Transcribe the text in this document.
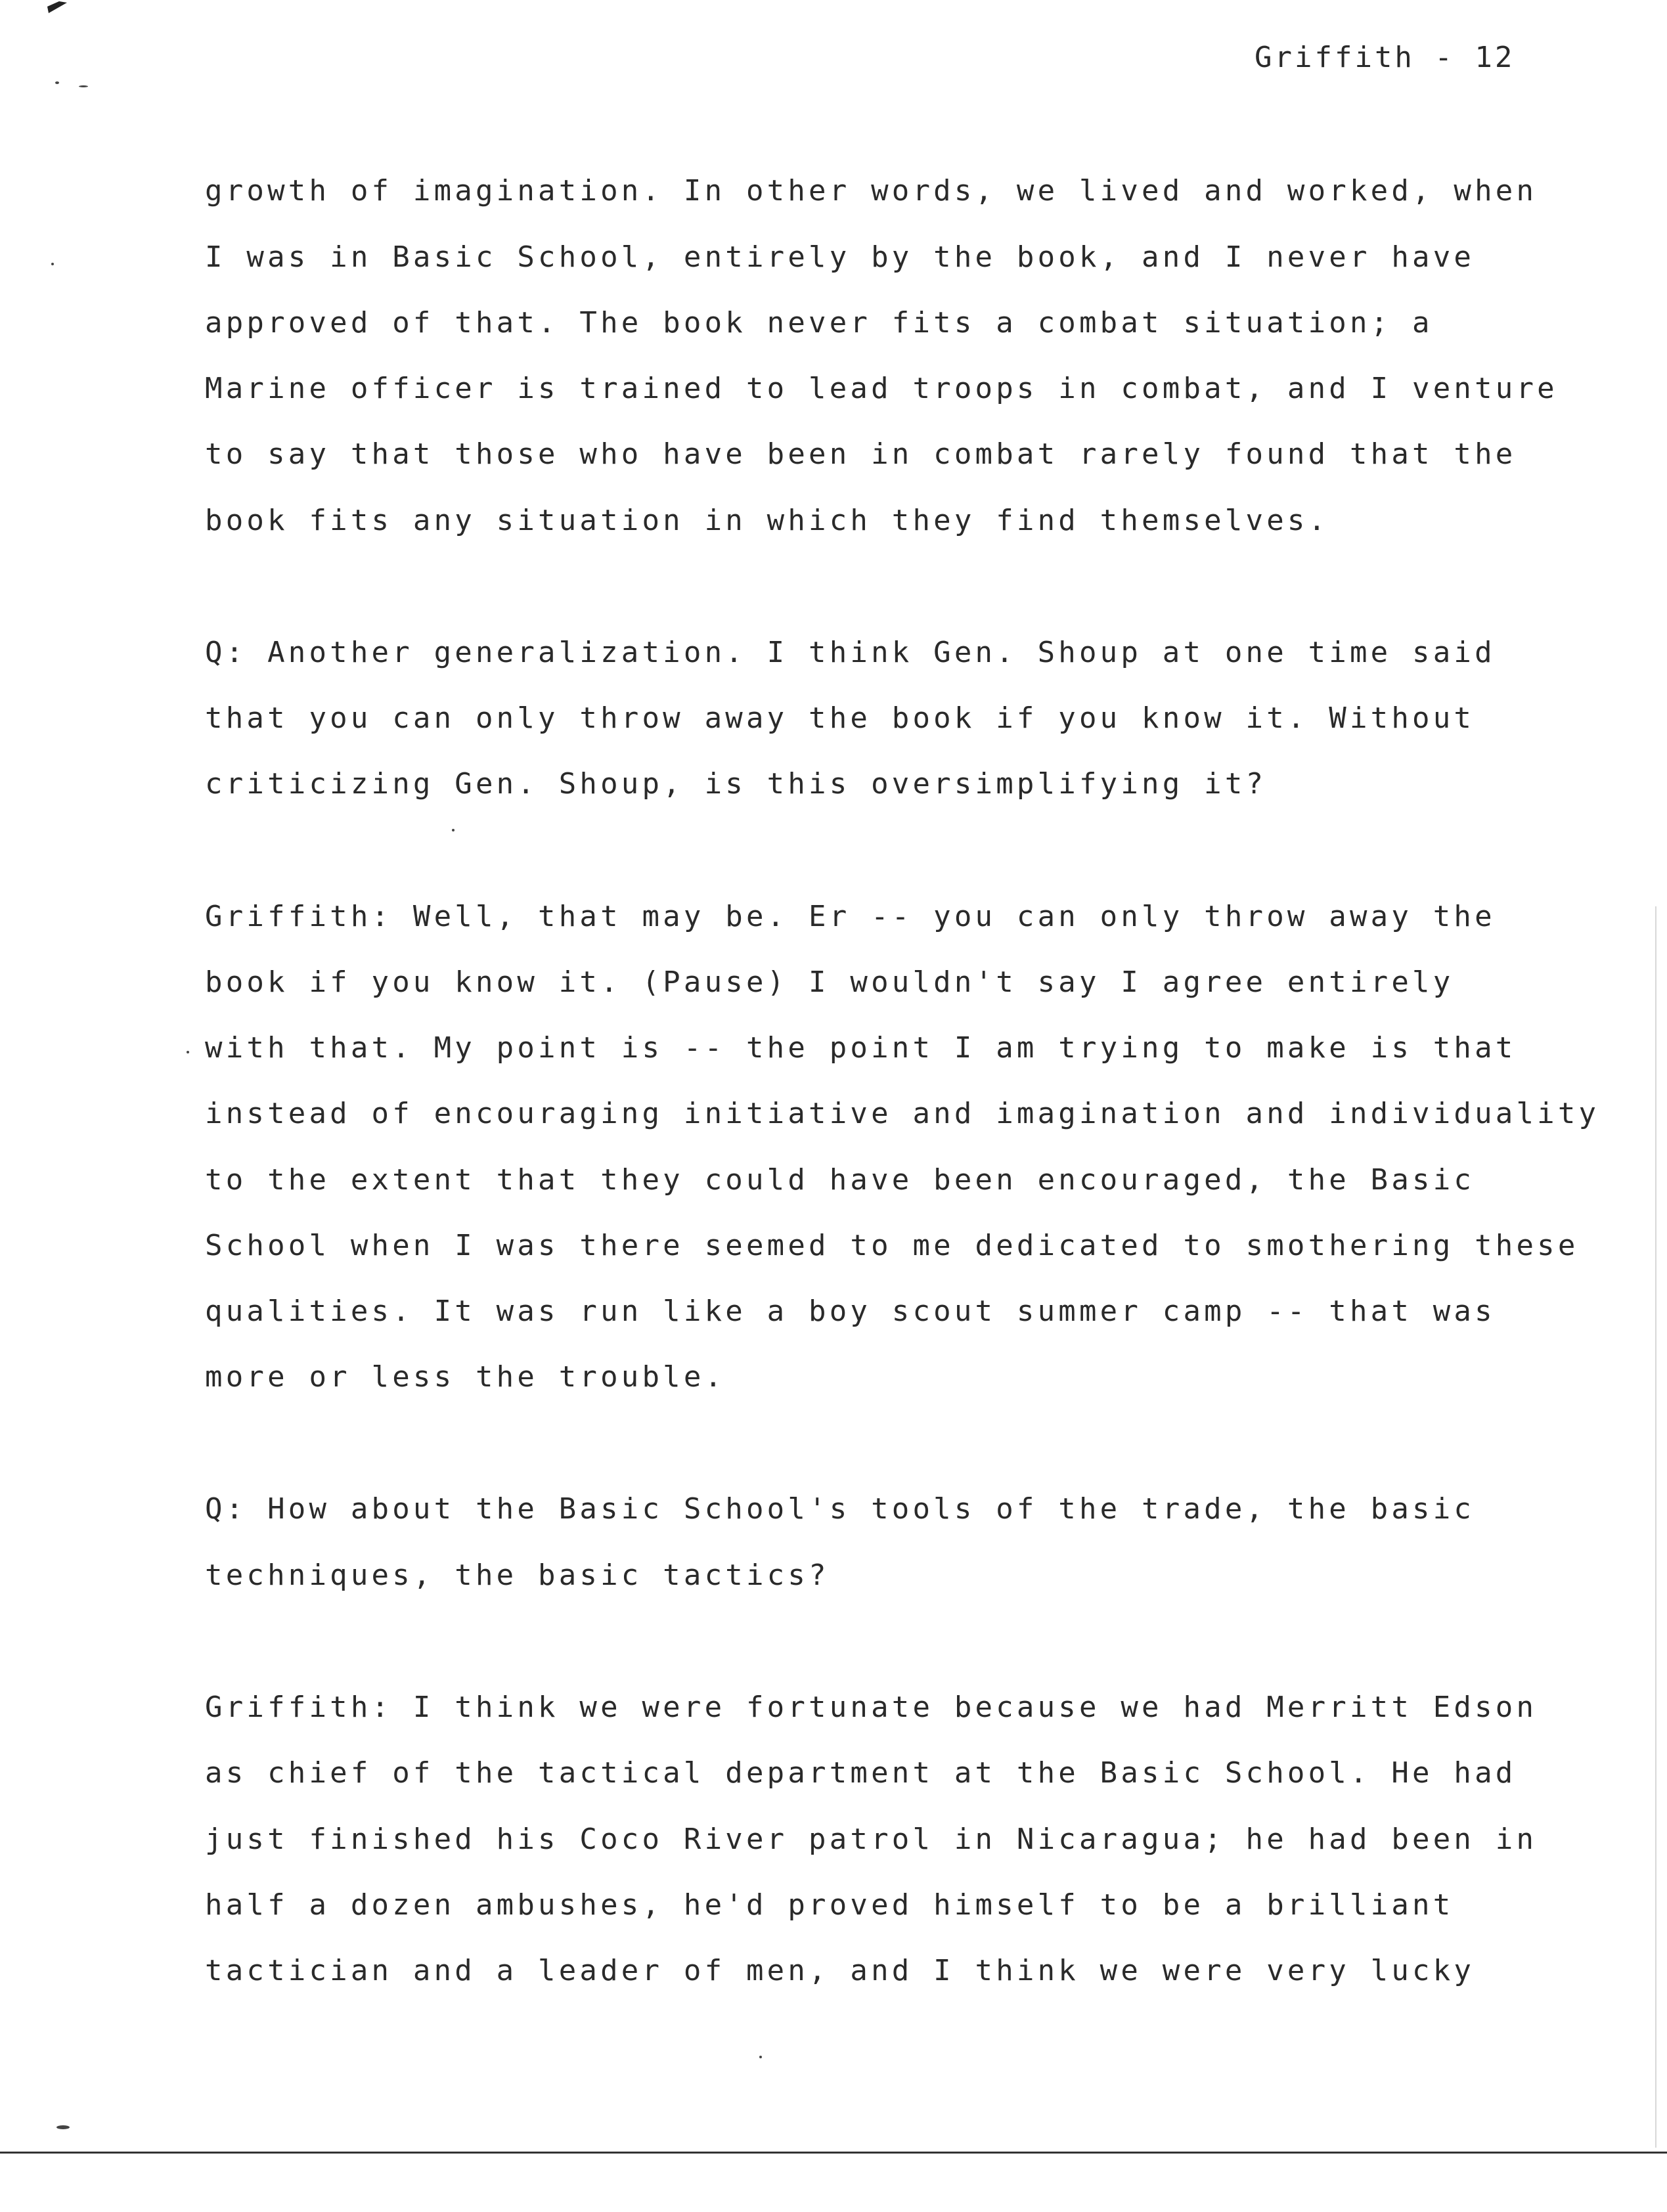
Griffith - 12
growth of imagination. In other words, we lived and worked, when
I was in Basic School, entirely by the book, and I never have
approved of that. The book never fits a combat situation; a
Marine officer is trained to lead troops in combat, and I venture
to say that those who have been in combat rarely found that the
book fits any situation in which they find themselves.
Q: Another generalization. I think Gen. Shoup at one time said
that you can only throw away the book if you know it. Without
criticizing Gen. Shoup, is this oversimplifying it?
Griffith: Well, that may be. Er -- you can only throw away the
book if you know it. (Pause) I wouldn't say I agree entirely
with that. My point is -- the point I am trying to make is that
instead of encouraging initiative and imagination and individuality
to the extent that they could have been encouraged, the Basic
School when I was there seemed to me dedicated to smothering these
qualities. It was run like a boy scout summer camp -- that was
more or less the trouble.
Q: How about the Basic School's tools of the trade, the basic
techniques, the basic tactics?
Griffith: I think we were fortunate because we had Merritt Edson
as chief of the tactical department at the Basic School. He had
just finished his Coco River patrol in Nicaragua; he had been in
half a dozen ambushes, he'd proved himself to be a brilliant
tactician and a leader of men, and I think we were very lucky
